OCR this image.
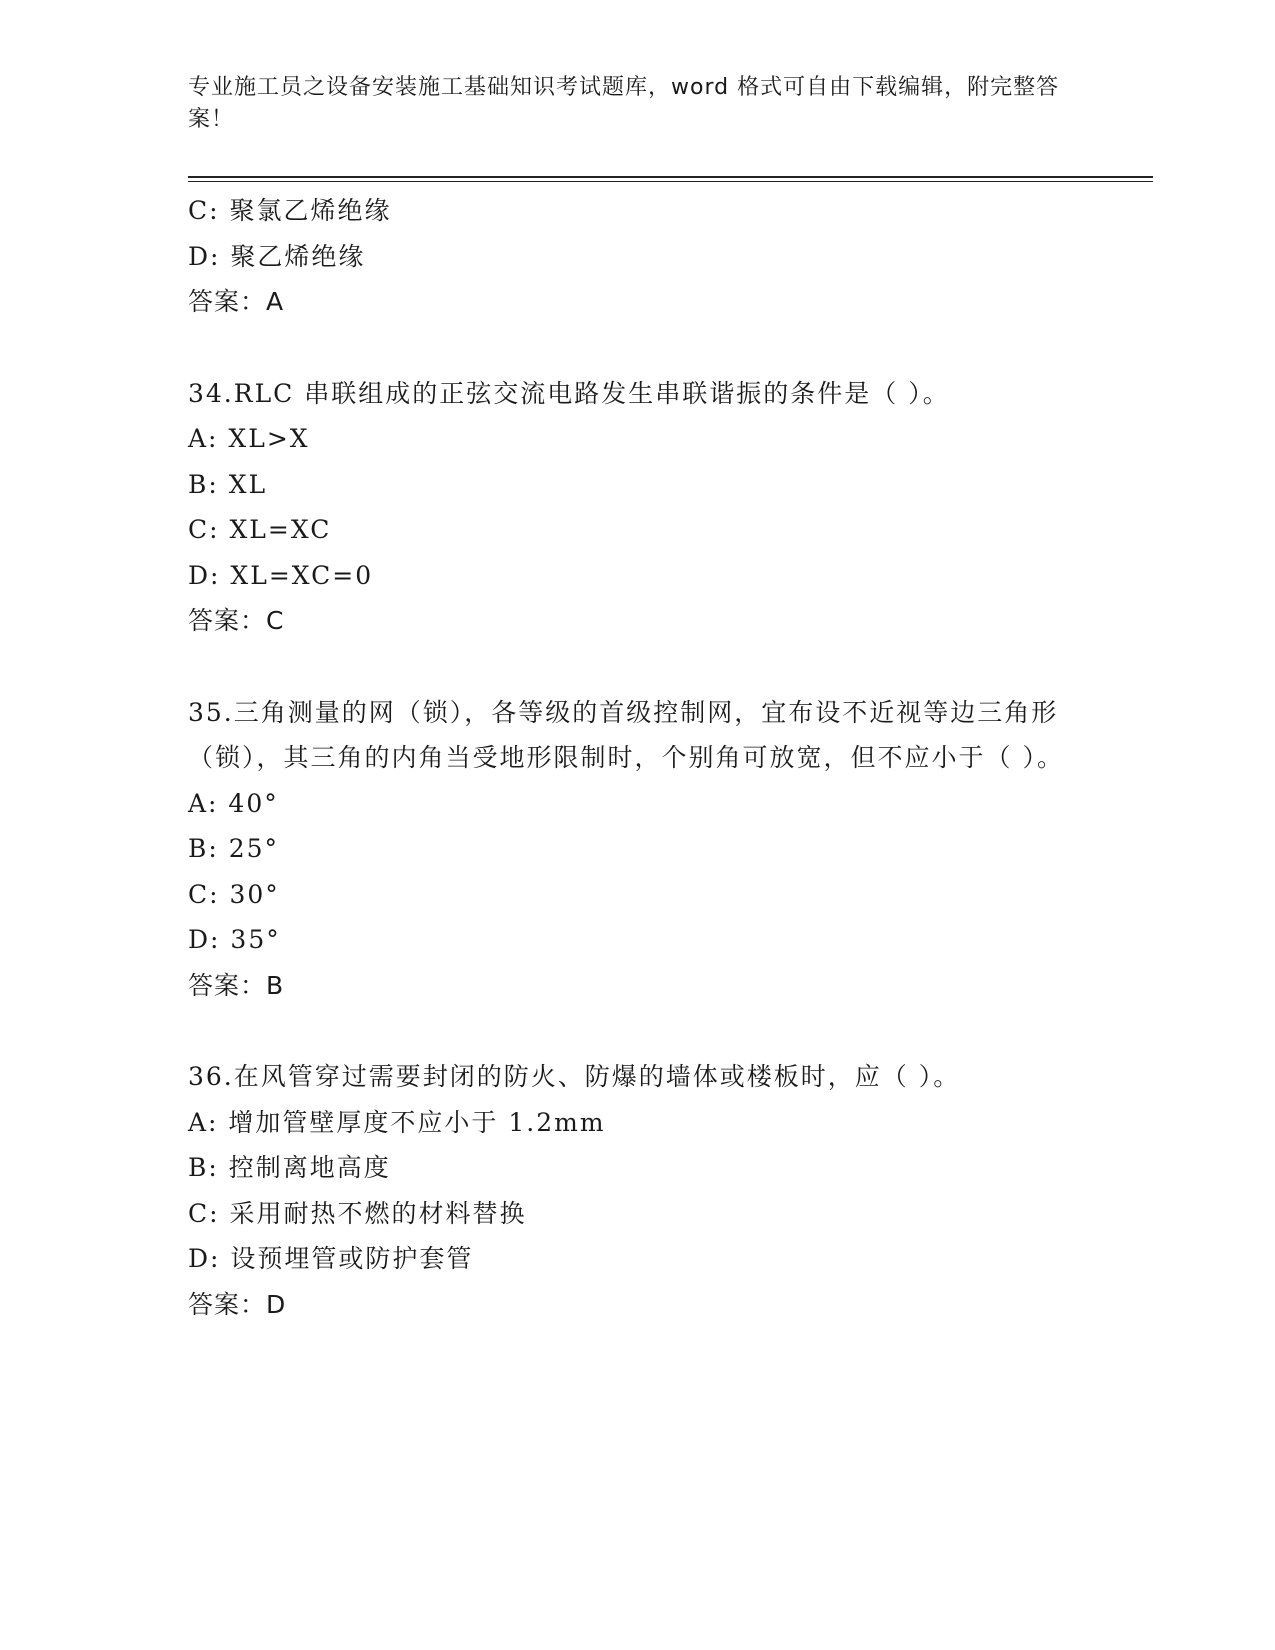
专业施工员之设备安装施工基础知识考试题库，word 格式可自由下载编辑，附完整答案！
C: 聚氯乙烯绝缘
D: 聚乙烯绝缘
答案：A
34.RLC 串联组成的正弦交流电路发生串联谐振的条件是（ ）。
A: XL>X
B: XL
C: XL=XC
D: XL=XC=0
答案：C
35.三角测量的网（锁），各等级的首级控制网，宜布设不近视等边三角形（锁），其三角的内角当受地形限制时，个别角可放宽，但不应小于（ ）。
A: 40°
B: 25°
C: 30°
D: 35°
答案：B
36.在风管穿过需要封闭的防火、防爆的墙体或楼板时，应（ ）。
A: 增加管壁厚度不应小于 1.2mm
B: 控制离地高度
C: 采用耐热不燃的材料替换
D: 设预埋管或防护套管
答案：D
